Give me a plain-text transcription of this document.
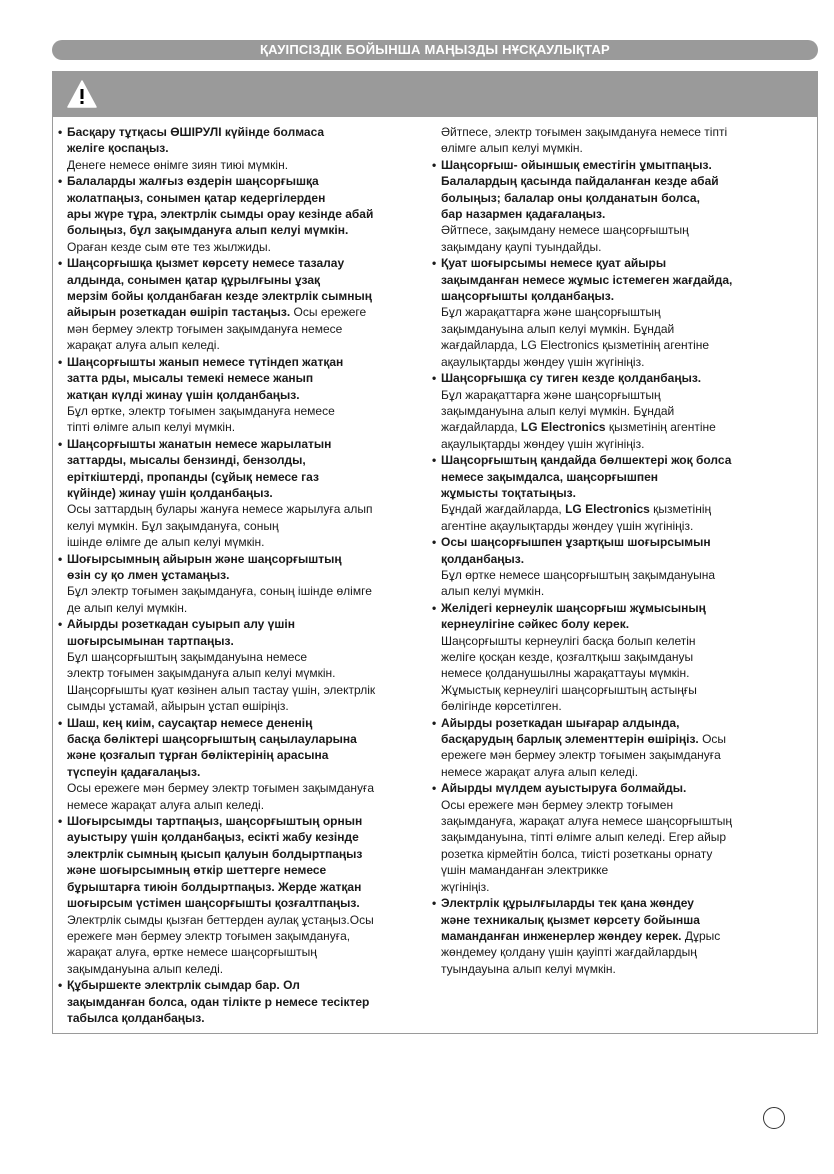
ҚАУІПСІЗДІК БОЙЫНША МАҢЫЗДЫ НҰСҚАУЛЫҚТАР
• Басқару тұтқасы ӨШІРУЛІ күйінде болмаса
желіге қоспаңыз.
Денеге немесе өнімге зиян тиюі мүмкін.
• Балаларды жалғыз өздерін шаңсорғышқа
жолатпаңыз, сонымен қатар кедергілерден
ары жүре тұра, электрлік сымды орау кезінде абай
болыңыз, бұл зақымдануға алып келуі мүмкін.
Ораған кезде сым өте тез жылжиды.
• Шаңсорғышқа қызмет көрсету немесе тазалау
алдында, сонымен қатар құрылғыны ұзақ
мерзім бойы қолданбаған кезде электрлік сымның айырын розеткадан өшіріп тастаңыз. Осы ережеге
мән бермеу электр тоғымен зақымдануға немесе
жарақат алуға алып келеді.
• Шаңсорғышты жанып немесе түтіндеп жатқан
затта рды, мысалы темекі немесе жанып
жатқан күлді жинау үшін қолданбаңыз.
Бұл өртке, электр тоғымен зақымдануға немесе
тіпті өлімге алып келуі мүмкін.
• Шаңсорғышты жанатын немесе жарылатын
заттарды, мысалы бензинді, бензолды,
еріткіштерді, пропанды (сұйық немесе газ
күйінде) жинау үшін қолданбаңыз.
Осы заттардың булары жануға немесе жарылуға алып
келуі мүмкін. Бұл зақымдануға, соның
ішінде өлімге де алып келуі мүмкін.
• Шоғырсымның айырын және шаңсорғыштың
өзін су қо лмен ұстамаңыз.
Бұл электр тоғымен зақымдануға, соның ішінде өлімге
де алып келуі мүмкін.
• Айырды розеткадан суырып алу үшін
шоғырсымынан тартпаңыз.
Бұл шаңсорғыштың зақымдануына немесе
электр тоғымен зақымдануға алып келуі мүмкін.
Шаңсорғышты қуат көзінен алып тастау үшін, электрлік
сымды ұстамай, айырын ұстап өшіріңіз.
• Шаш, кең киім, саусақтар немесе дененің
басқа бөліктері шаңсорғыштың саңылауларына
және қозғалып тұрған бөліктерінің арасына
түспеуін қадағалаңыз.
Осы ережеге мән бермеу электр тоғымен зақымдануға
немесе жарақат алуға алып келеді.
• Шоғырсымды тартпаңыз, шаңсорғыштың орнын
ауыстыру үшін қолданбаңыз, есікті жабу кезінде
электрлік сымның қысып қалуын болдыртпаңыз
және шоғырсымның өткір шеттерге немесе
бұрыштарға тиюін болдыртпаңыз. Жерде жатқан
шоғырсым үстімен шаңсорғышты қозғалтпаңыз.
Электрлік сымды қызған беттерден аулақ ұстаңыз.Осы
ережеге мән бермеу электр тоғымен зақымдануға,
жарақат алуға, өртке немесе шаңсорғыштың
зақымдануына алып келеді.
• Құбыршекте электрлік сымдар бар. Ол
зақымданған болса, одан тілікте р немесе тесіктер
табылса қолданбаңыз.
Әйтпесе, электр тоғымен зақымдануға немесе тіпті
өлімге алып келуі мүмкін.
• Шаңсорғыш- ойыншық еместігін ұмытпаңыз.
Балалардың қасында пайдаланған кезде абай
болыңыз; балалар оны қолданатын болса,
бар назармен қадағалаңыз.
Әйтпесе, зақымдану немесе шаңсорғыштың
зақымдану қаупі туындайды.
• Қуат шоғырсымы немесе қуат айыры
зақымданған немесе жұмыс істемеген жағдайда,
шаңсорғышты қолданбаңыз.
Бұл жарақаттарға және шаңсорғыштың
зақымдануына алып келуі мүмкін. Бұндай
жағдайларда, LG Electronics қызметінің агентіне
ақаулықтарды жөндеу үшін жүгініңіз.
• Шаңсорғышқа су тиген кезде қолданбаңыз.
Бұл жарақаттарға және шаңсорғыштың
зақымдануына алып келуі мүмкін. Бұндай
жағдайларда, LG Electronics қызметінің агентіне
ақаулықтарды жөндеу үшін жүгініңіз.
• Шаңсорғыштың қандайда бөлшектері жоқ болса
немесе зақымдалса, шаңсорғышпен
жұмысты тоқтатыңыз.
Бұндай жағдайларда, LG Electronics қызметінің
агентіне ақаулықтарды жөндеу үшін жүгініңіз.
• Осы шаңсорғышпен ұзартқыш шоғырсымын
қолданбаңыз.
Бұл өртке немесе шаңсорғыштың зақымдануына
алып келуі мүмкін.
• Желідегі кернеулік шаңсорғыш жұмысының
кернеулігіне сәйкес болу керек.
Шаңсорғышты кернеулігі басқа болып келетін
желіге қосқан кезде, қозғалтқыш зақымдануы
немесе қолданушылны жарақаттауы мүмкін.
Жұмыстық кернеулігі шаңсорғыштың астыңғы
бөлігінде көрсетілген.
• Айырды розеткадан шығарар алдында,
басқарудың барлық элементтерін өшіріңіз. Осы
ережеге мән бермеу электр тоғымен зақымдануға
немесе жарақат алуға алып келеді.
• Айырды мүлдем ауыстыруға болмайды.
Осы ережеге мән бермеу электр тоғымен
зақымдануға, жарақат алуға немесе шаңсорғыштың
зақымдануына, тіпті өлімге алып келеді. Егер айыр
розетка кірмейтін болса, тиісті розетканы орнату
үшін маманданған электрикке
жүгініңіз.
• Электрлік құрылғыларды тек қана жөндеу
және техникалық қызмет көрсету бойынша
маманданған инженерлер жөндеу керек. Дұрыс
жөндемеу қолдану үшін қауіпті жағдайлардың
туындауына алып келуі мүмкін.
